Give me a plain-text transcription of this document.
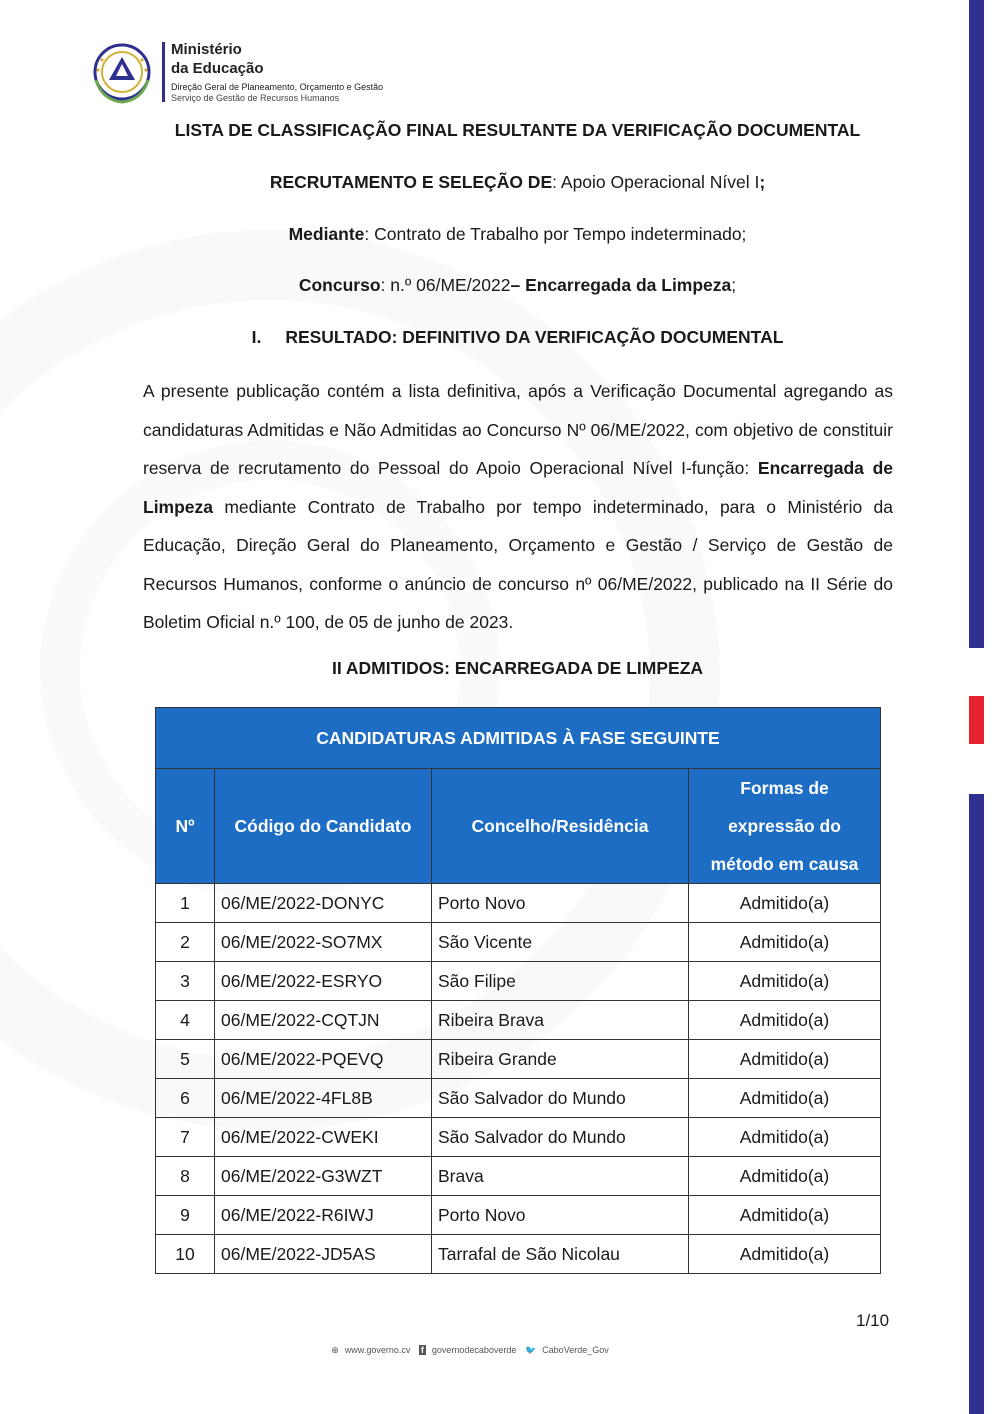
Ministério
da Educação
Direção Geral de Planeamento, Orçamento e Gestão
Serviço de Gestão de Recursos Humanos
LISTA DE CLASSIFICAÇÃO FINAL RESULTANTE DA VERIFICAÇÃO DOCUMENTAL
RECRUTAMENTO E SELEÇÃO DE: Apoio Operacional Nível I;
Mediante: Contrato de Trabalho por Tempo indeterminado;
Concurso: n.º 06/ME/2022– Encarregada da Limpeza;
I. RESULTADO: DEFINITIVO DA VERIFICAÇÃO DOCUMENTAL
A presente publicação contém a lista definitiva, após a Verificação Documental agregando as candidaturas Admitidas e Não Admitidas ao Concurso Nº 06/ME/2022, com objetivo de constituir reserva de recrutamento do Pessoal do Apoio Operacional Nível I-função: Encarregada de Limpeza mediante Contrato de Trabalho por tempo indeterminado, para o Ministério da Educação, Direção Geral do Planeamento, Orçamento e Gestão / Serviço de Gestão de Recursos Humanos, conforme o anúncio de concurso nº 06/ME/2022, publicado na II Série do Boletim Oficial n.º 100, de 05 de junho de 2023.
II ADMITIDOS: ENCARREGADA DE LIMPEZA
CANDIDATURAS ADMITIDAS À FASE SEGUINTE			
Nº	Código do Candidato	Concelho/Residência	Formas de expressão do método em causa
1	06/ME/2022-DONYC	Porto Novo	Admitido(a)
2	06/ME/2022-SO7MX	São Vicente	Admitido(a)
3	06/ME/2022-ESRYO	São Filipe	Admitido(a)
4	06/ME/2022-CQTJN	Ribeira Brava	Admitido(a)
5	06/ME/2022-PQEVQ	Ribeira Grande	Admitido(a)
6	06/ME/2022-4FL8B	São Salvador do Mundo	Admitido(a)
7	06/ME/2022-CWEKI	São Salvador do Mundo	Admitido(a)
8	06/ME/2022-G3WZT	Brava	Admitido(a)
9	06/ME/2022-R6IWJ	Porto Novo	Admitido(a)
10	06/ME/2022-JD5AS	Tarrafal de São Nicolau	Admitido(a)
1/10
⊕ www.governo.cv f governodecaboverde 🐦 CaboVerde_Gov
